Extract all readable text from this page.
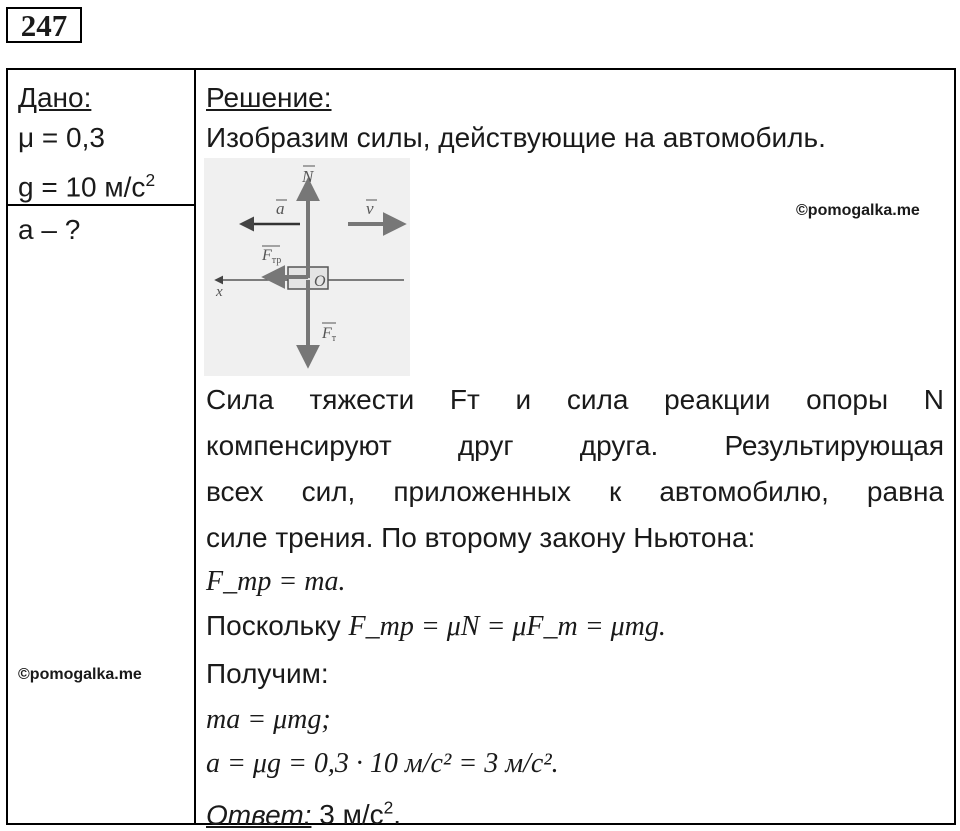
247
Дано:
μ = 0,3
g = 10 $м/с^2$
a – ?
Решение:
Изобразим силы, действующие на автомобиль.
N
a	v
Fтр
x
O
Fт
©pomogalka.me
Сила тяжести Fт и сила реакции опоры N
компенсируют друг друга. Результирующая
всех сил, приложенных к автомобилю, равна
силе трения. По второму закону Ньютона:
F_тр = ma.
Поскольку F_тр = μN = μF_т = μmg.
Получим:
ma = μmg;
a = μg = 0,3 · 10 м/с² = 3 м/с².
Ответ: 3 $м/с^2$.
©pomogalka.me
